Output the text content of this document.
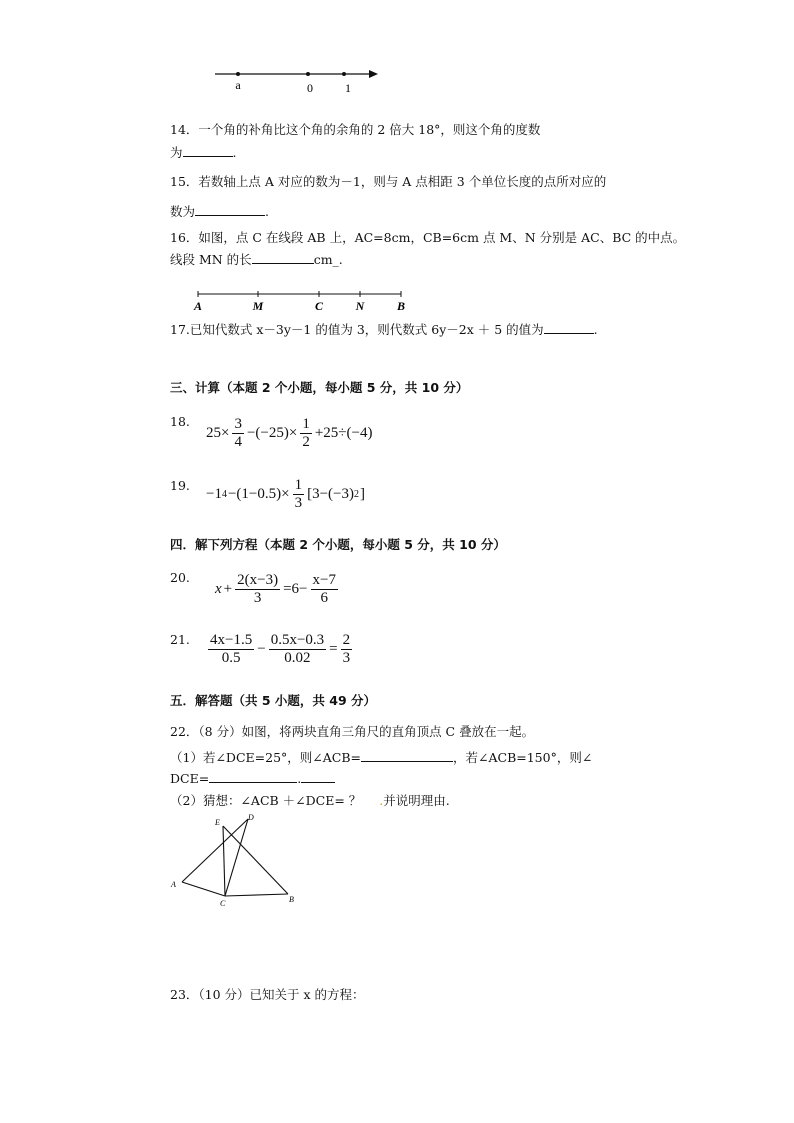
a	0	1
14．一个角的补角比这个角的余角的 2 倍大 18°，则这个角的度数
为	.
15．若数轴上点 A 对应的数为－1，则与 A 点相距 3 个单位长度的点所对应的
数为	.
16．如图，点 C 在线段 AB 上，AC=8cm，CB=6cm 点 M、N 分别是 AC、BC 的中点。
线段 MN 的长	cm_.
A	M	C	N	B
17.已知代数式 x－3y－1 的值为 3，则代数式 6y－2x ＋ 5 的值为	.
三、计算（本题 2 个小题，每小题 5 分，共 10 分）
18.
$25\times \frac{3}{4} -(-25)\times \frac{1}{2} +25\div(-4)$
19.
−1 $4 -(1-0.5)\times \frac{1}{3} [3-(-3)$ 2 ]
四．解下列方程（本题 2 个小题，每小题 5 分，共 10 分）
20.
$x + \frac{2(x-3)}{3} =6- \frac{x-7}{6}$
21. $\frac{4x-1.5}{0.5} - \frac{0.5x-0.3}{0.02} = \frac{2}{3}$
五．解答题（共 5 小题，共 49 分）
22．（8 分）如图，将两块直角三角尺的直角顶点 C 叠放在一起。
（1）若∠DCE=25°，则∠ACB=	，若∠ACB=150°，则∠
DCE=	.
（2）猜想：∠ACB ＋∠DCE= ？ .并说明理由.
E
D
A
C	B
23．（10 分）已知关于 x 的方程：
